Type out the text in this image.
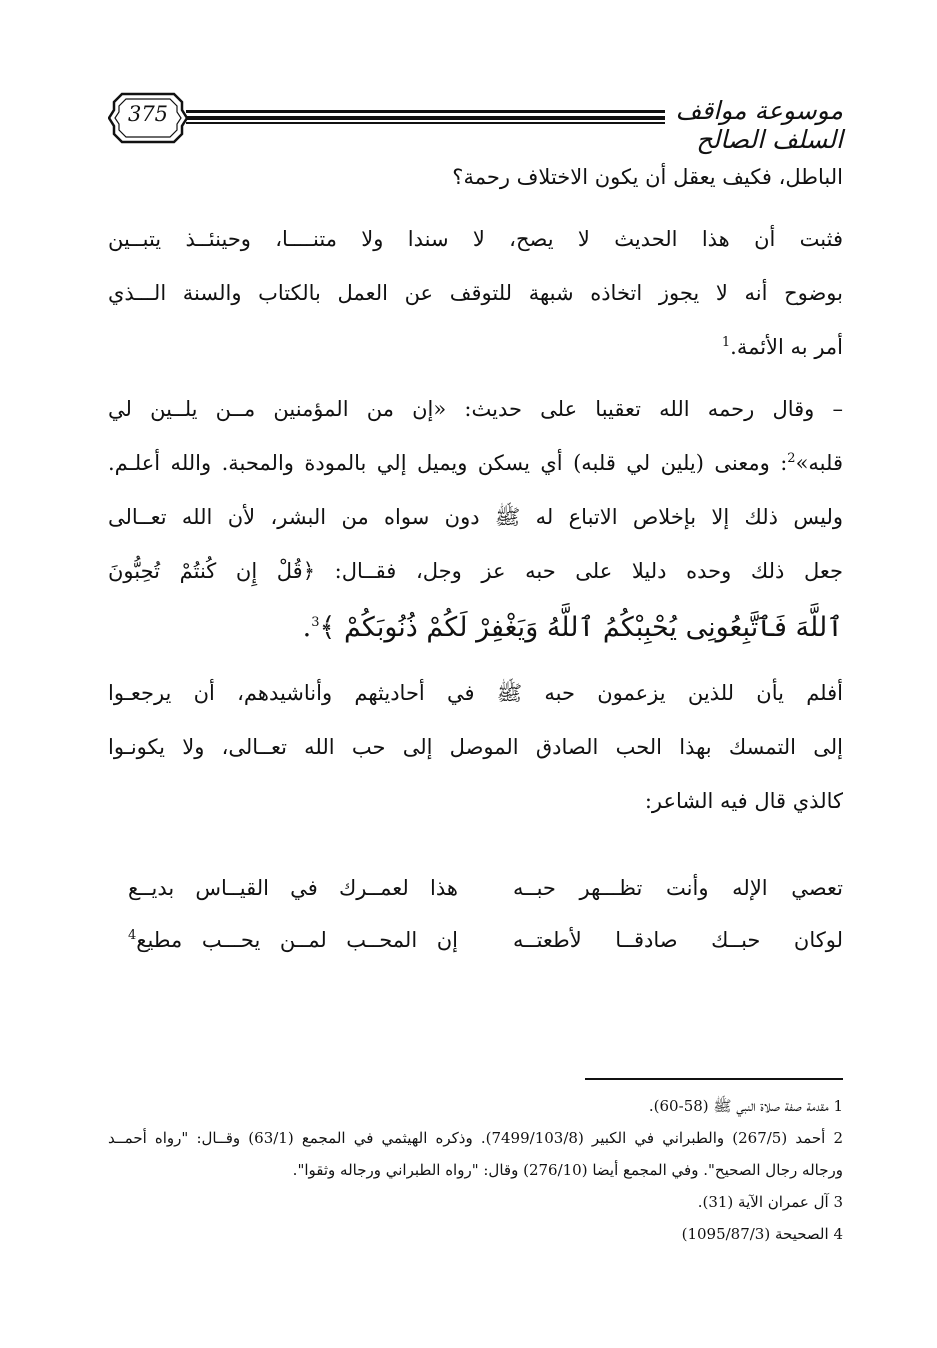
375	موسوعة مواقف السلف الصالح
الباطل، فكيف يعقل أن يكون الاختلاف رحمة؟
فثبت أن هذا الحديث لا يصح، لا سندا ولا متنــــا، وحينئــذ يتبــين
بوضوح أنه لا يجوز اتخاذه شبهة للتوقف عن العمل بالكتاب والسنة الـــذي
أمر به الأئمة.$^1$
– وقال رحمه الله تعقيبا على حديث: «إن من المؤمنين مــن يلــين لي
قلبه»$^2$: ومعنى (يلين لي قلبه) أي يسكن ويميل إلي بالمودة والمحبة. والله أعلـم.
وليس ذلك إلا بإخلاص الاتباع له ﷺ دون سواه من البشر، لأن الله تعــالى
جعل ذلك وحده دليلا على حبه عز وجل، فقــال: ﴿قُلْ إِن كُنتُمْ تُحِبُّونَ
ٱللَّهَ فَٱتَّبِعُونِى يُحْبِبْكُمُ ٱللَّهُ وَيَغْفِرْ لَكُمْ ذُنُوبَكُمْ ﴾$^3$.
أفلم يأن للذين يزعمون حبه ﷺ في أحاديثهم وأناشيدهم، أن يرجعـوا
إلى التمسك بهذا الحب الصادق الموصل إلى حب الله تعــالى، ولا يكونـوا
كالذي قال فيه الشاعر:
تعصي الإله وأنت تظـــهر حبــه
هذا لعمــرك في القيــاس بديــع
لوكان حبــك صادقــا لأطعتــه
إن المحــب لمــن يحـــب مطيع$^4$
1 مقدمة صفة صلاة النبي ﷺ (58-60).
2 أحمد (267/5) والطبراني في الكبير (7499/103/8). وذكره الهيثمي في المجمع (63/1) وقــال: "رواه أحمــد
ورجاله رجال الصحيح". وفي المجمع أيضا (276/10) وقال: "رواه الطبراني ورجاله وثقوا".
3 آل عمران الآية (31).
4 الصحيحة (1095/87/3)
